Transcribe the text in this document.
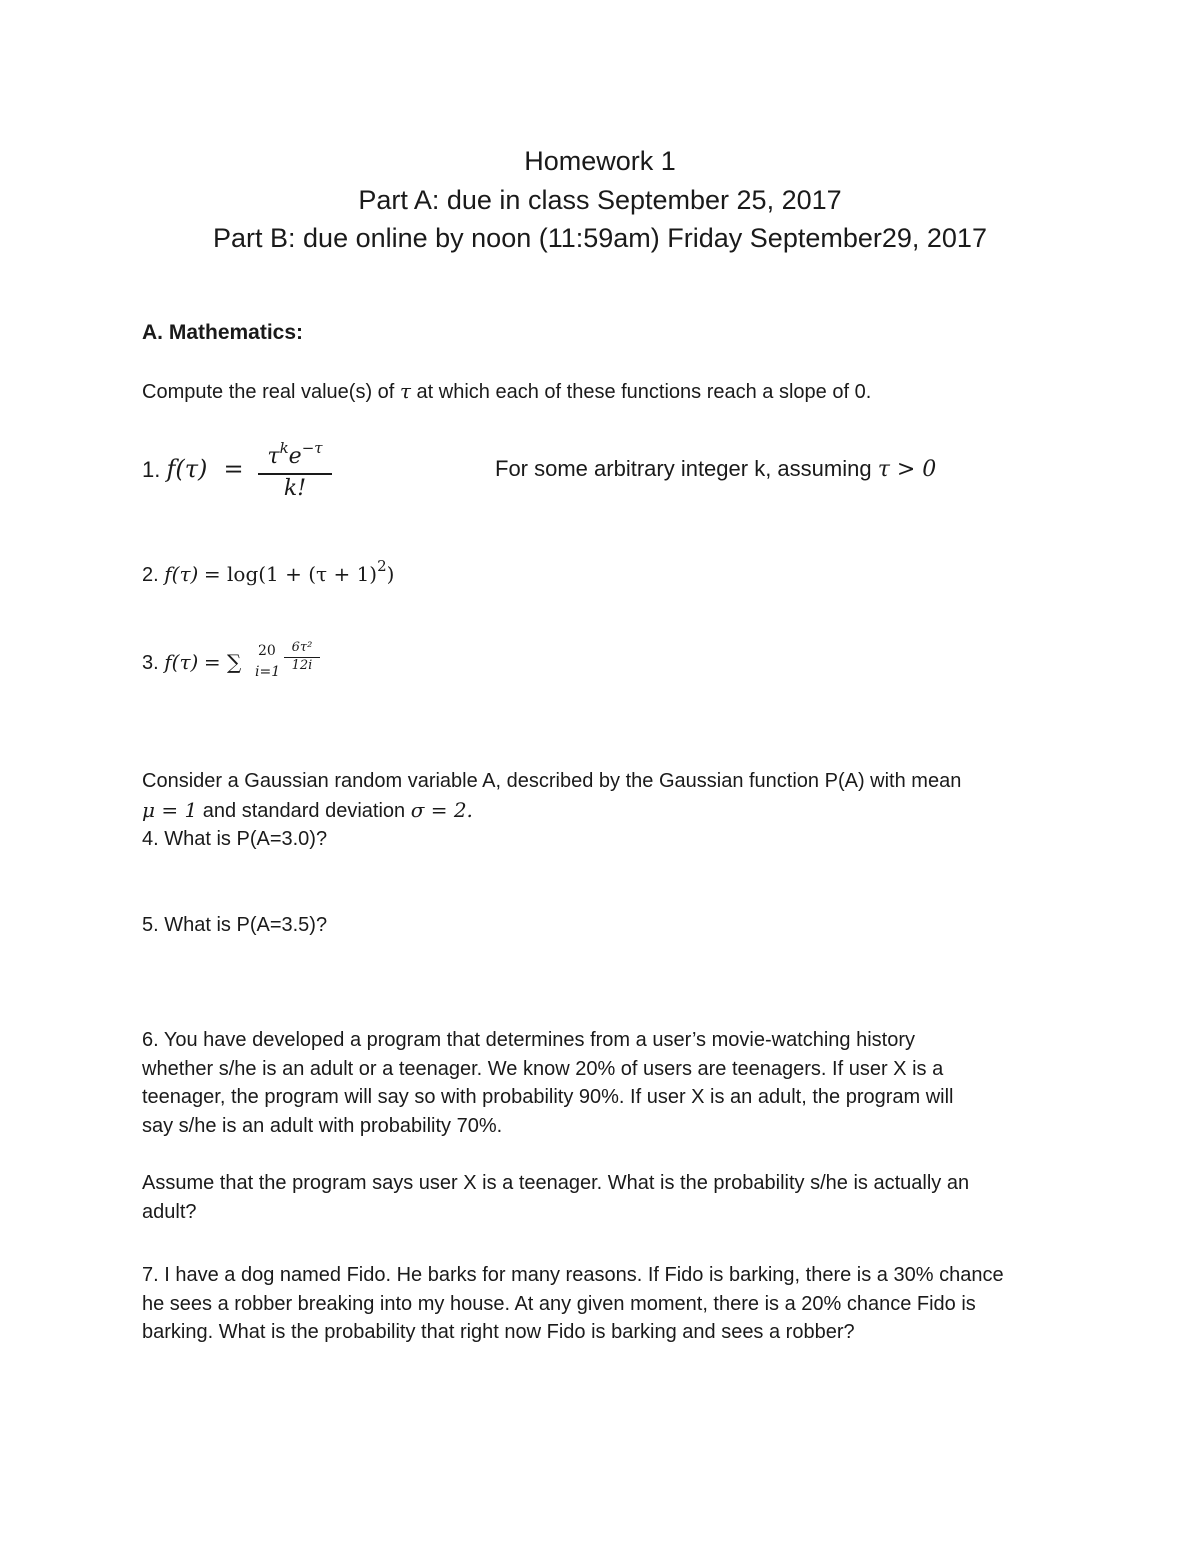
Homework 1
Part A: due in class September 25, 2017
Part B: due online by noon (11:59am) Friday September29, 2017
A. Mathematics:
Compute the real value(s) of τ at which each of these functions reach a slope of 0.
1. f(τ) =	$\tau^ke^{-\tau}$
k!
For some arbitrary integer k, assuming τ > 0
2. $f(\tau) = \log(1 + (\tau + 1)^2)$
3. f(τ) = ∑ 20
$i=1 \frac{\text{6τ²}}{12i}$
Consider a Gaussian random variable A, described by the Gaussian function P(A) with mean
μ = 1 and standard deviation σ = 2.
4. What is P(A=3.0)?
5. What is P(A=3.5)?
6. You have developed a program that determines from a user’s movie-watching history
whether s/he is an adult or a teenager. We know 20% of users are teenagers. If user X is a
teenager, the program will say so with probability 90%. If user X is an adult, the program will
say s/he is an adult with probability 70%.
Assume that the program says user X is a teenager. What is the probability s/he is actually an
adult?
7. I have a dog named Fido. He barks for many reasons. If Fido is barking, there is a 30% chance
he sees a robber breaking into my house. At any given moment, there is a 20% chance Fido is
barking. What is the probability that right now Fido is barking and sees a robber?
